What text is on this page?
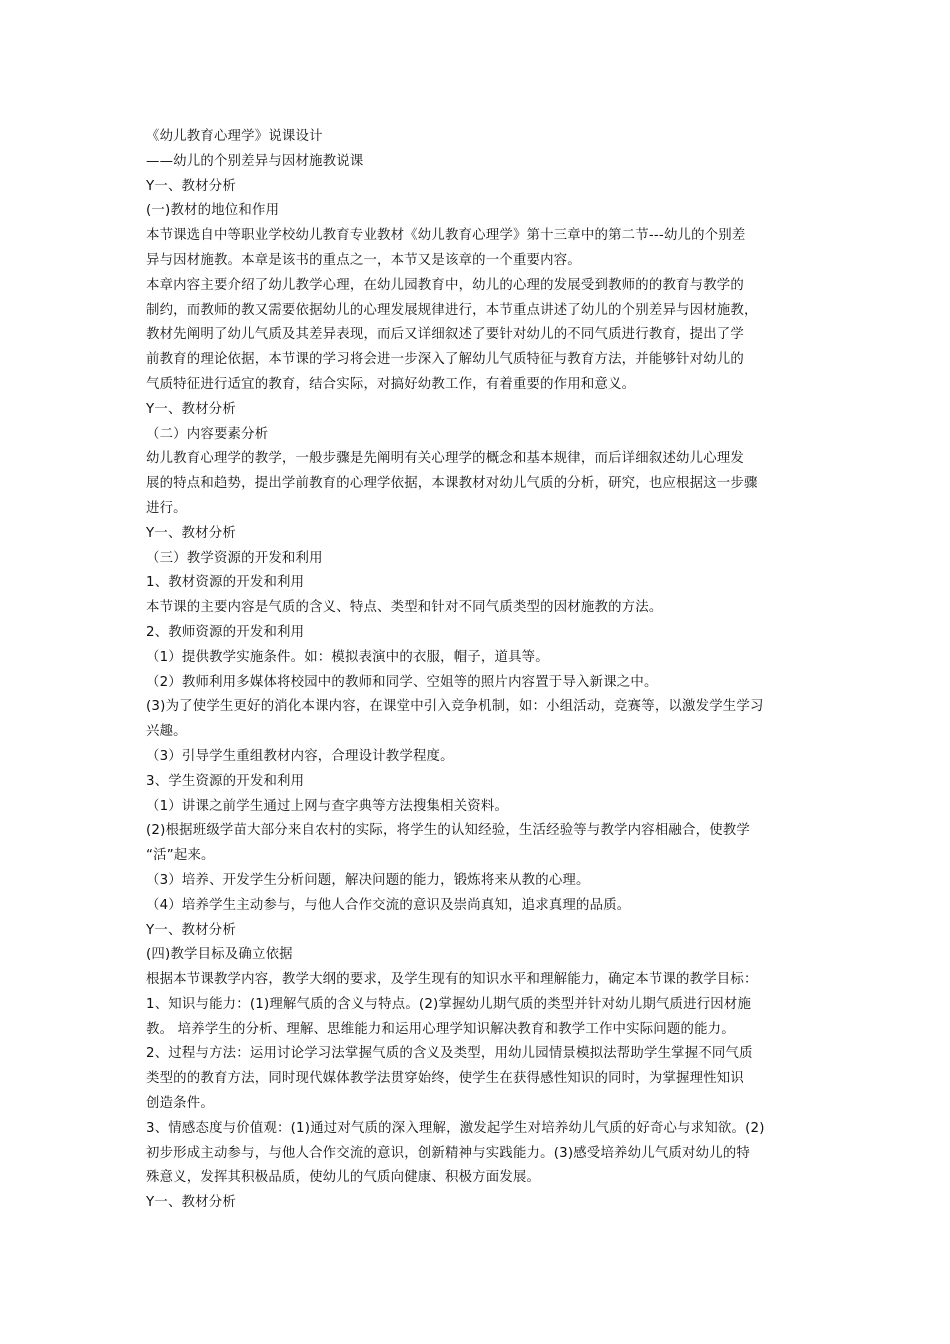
《幼儿教育心理学》说课设计
——幼儿的个别差异与因材施教说课
Υ一、教材分析
(一)教材的地位和作用
本节课选自中等职业学校幼儿教育专业教材《幼儿教育心理学》第十三章中的第二节---幼儿的个别差
异与因材施教。本章是该书的重点之一，本节又是该章的一个重要内容。
本章内容主要介绍了幼儿教学心理，在幼儿园教育中，幼儿的心理的发展受到教师的的教育与教学的
制约，而教师的教又需要依据幼儿的心理发展规律进行，本节重点讲述了幼儿的个别差异与因材施教，
教材先阐明了幼儿气质及其差异表现，而后又详细叙述了要针对幼儿的不同气质进行教育，提出了学
前教育的理论依据，本节课的学习将会进一步深入了解幼儿气质特征与教育方法，并能够针对幼儿的
气质特征进行适宜的教育，结合实际，对搞好幼教工作，有着重要的作用和意义。
Υ一、教材分析
（二）内容要素分析
幼儿教育心理学的教学，一般步骤是先阐明有关心理学的概念和基本规律，而后详细叙述幼儿心理发
展的特点和趋势，提出学前教育的心理学依据，本课教材对幼儿气质的分析，研究，也应根据这一步骤
进行。
Υ一、教材分析
（三）教学资源的开发和利用
1、教材资源的开发和利用
本节课的主要内容是气质的含义、特点、类型和针对不同气质类型的因材施教的方法。
2、教师资源的开发和利用
（1）提供教学实施条件。如：模拟表演中的衣服，帽子，道具等。
（2）教师利用多媒体将校园中的教师和同学、空姐等的照片内容置于导入新课之中。
(3)为了使学生更好的消化本课内容，在课堂中引入竞争机制，如：小组活动，竞赛等，以激发学生学习
兴趣。
（3）引导学生重组教材内容，合理设计教学程度。
3、学生资源的开发和利用
（1）讲课之前学生通过上网与查字典等方法搜集相关资料。
(2)根据班级学苗大部分来自农村的实际，将学生的认知经验，生活经验等与教学内容相融合，使教学
“活”起来。
（3）培养、开发学生分析问题，解决问题的能力，锻炼将来从教的心理。
（4）培养学生主动参与，与他人合作交流的意识及崇尚真知，追求真理的品质。
Υ一、教材分析
(四)教学目标及确立依据
根据本节课教学内容，教学大纲的要求，及学生现有的知识水平和理解能力，确定本节课的教学目标：
1、知识与能力：(1)理解气质的含义与特点。(2)掌握幼儿期气质的类型并针对幼儿期气质进行因材施
教。 培养学生的分析、理解、思维能力和运用心理学知识解决教育和教学工作中实际问题的能力。
2、过程与方法：运用讨论学习法掌握气质的含义及类型，用幼儿园情景模拟法帮助学生掌握不同气质
类型的的教育方法，同时现代媒体教学法贯穿始终，使学生在获得感性知识的同时，为掌握理性知识
创造条件。
3、情感态度与价值观：(1)通过对气质的深入理解，激发起学生对培养幼儿气质的好奇心与求知欲。(2)
初步形成主动参与，与他人合作交流的意识，创新精神与实践能力。(3)感受培养幼儿气质对幼儿的特
殊意义，发挥其积极品质，使幼儿的气质向健康、积极方面发展。
Υ一、教材分析
